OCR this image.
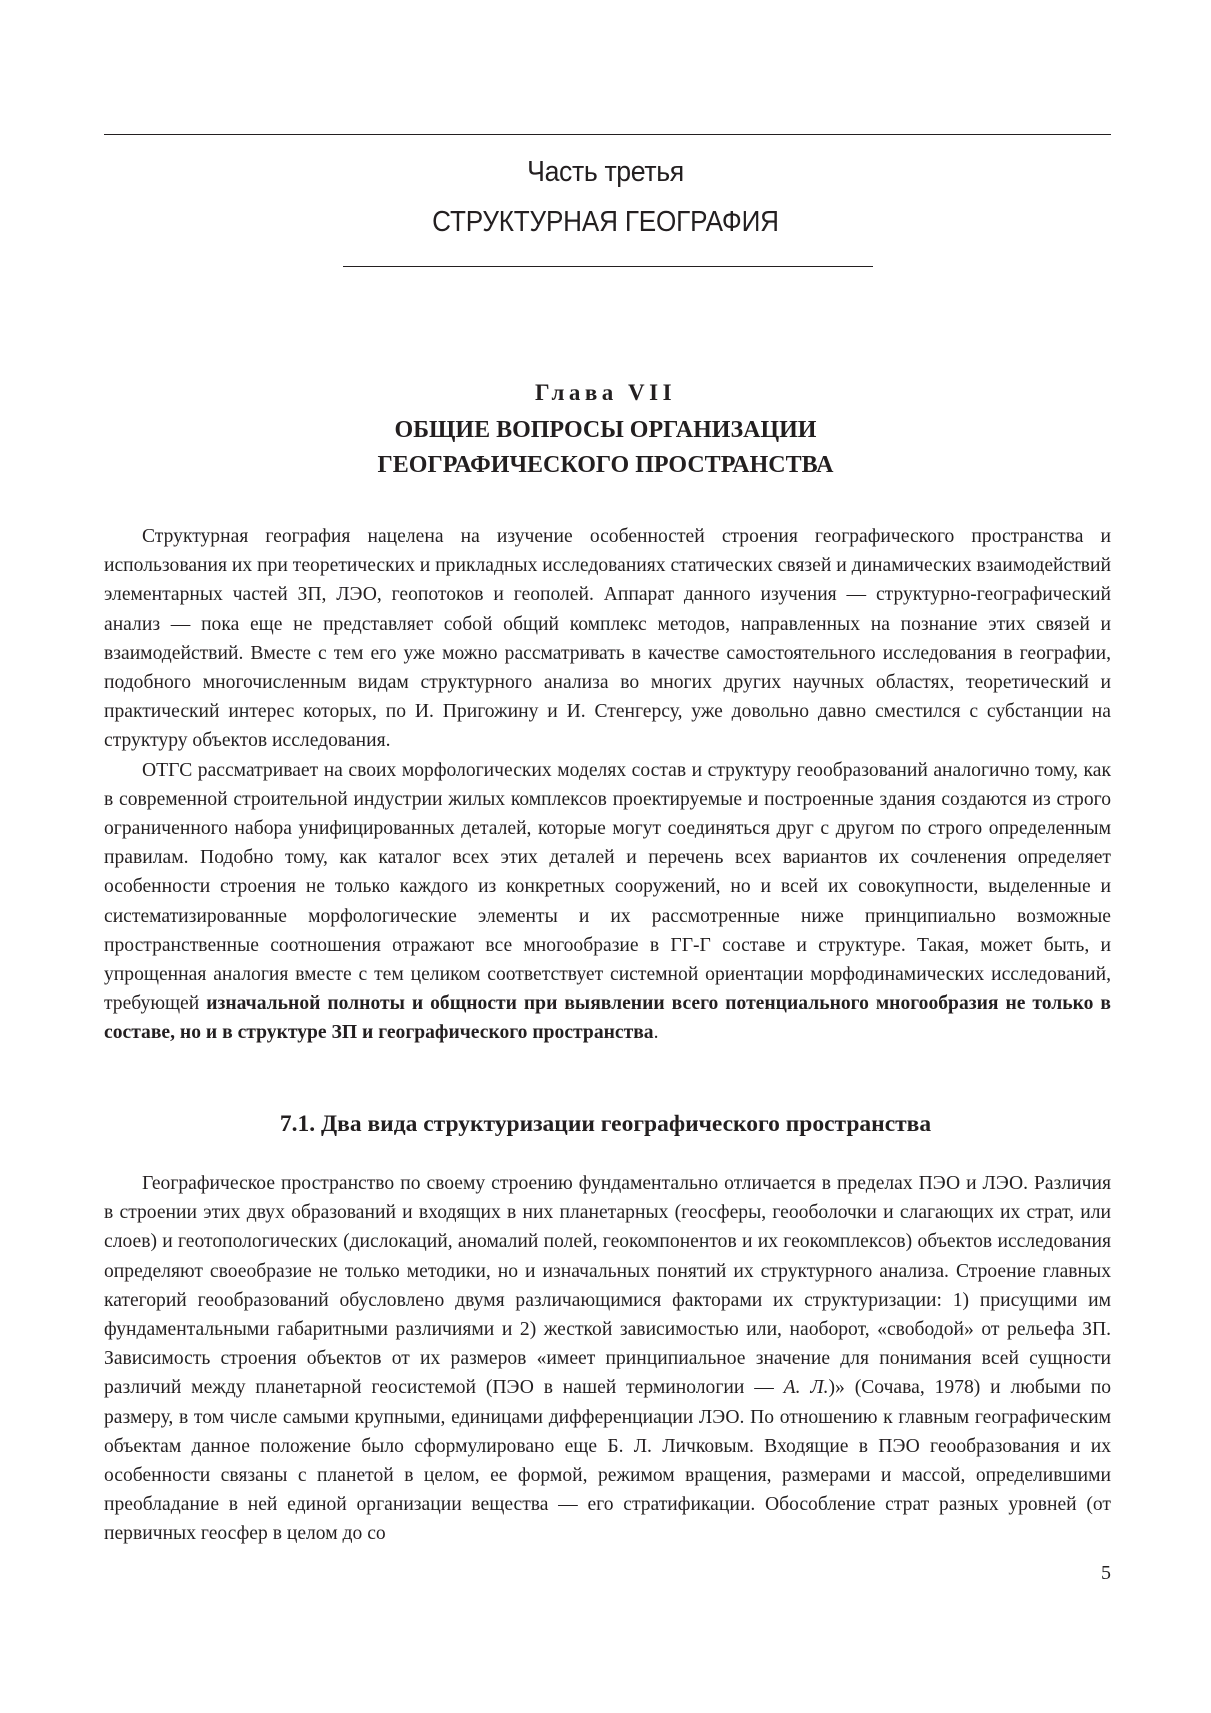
Часть третья
СТРУКТУРНАЯ ГЕОГРАФИЯ
Глава VII
ОБЩИЕ ВОПРОСЫ ОРГАНИЗАЦИИ
ГЕОГРАФИЧЕСКОГО ПРОСТРАНСТВА

Структурная география нацелена на изучение особенностей строения географического пространства и использования их при теоретических и прикладных исследованиях статических связей и динамических взаимодействий элементарных частей ЗП, ЛЭО, геопотоков и геополей. Аппарат данного изучения — структурно-географический анализ — пока еще не представляет собой общий комплекс методов, направленных на познание этих связей и взаимодействий. Вместе с тем его уже можно рассматривать в качестве самостоятельного исследования в географии, подобного многочисленным видам структурного анализа во многих других научных областях, теоретический и практический интерес которых, по И. Пригожину и И. Стенгерсу, уже довольно давно сместился с субстанции на структуру объектов исследования.

ОТГС рассматривает на своих морфологических моделях состав и структуру геообразований аналогично тому, как в современной строительной индустрии жилых комплексов проектируемые и построенные здания создаются из строго ограниченного набора унифицированных деталей, которые могут соединяться друг с другом по строго определенным правилам. Подобно тому, как каталог всех этих деталей и перечень всех вариантов их сочленения определяет особенности строения не только каждого из конкретных сооружений, но и всей их совокупности, выделенные и систематизированные морфологические элементы и их рассмотренные ниже принципиально возможные пространственные соотношения отражают все многообразие в ГГ-Г составе и структуре. Такая, может быть, и упрощенная аналогия вместе с тем целиком соответствует системной ориентации морфодинамических исследований, требующей изначальной полноты и общности при выявлении всего потенциального многообразия не только в составе, но и в структуре ЗП и географического пространства.

7.1. Два вида структуризации географического пространства

Географическое пространство по своему строению фундаментально отличается в пределах ПЭО и ЛЭО. Различия в строении этих двух образований и входящих в них планетарных (геосферы, геооболочки и слагающих их страт, или слоев) и геотопологических (дислокаций, аномалий полей, геокомпонентов и их геокомплексов) объектов исследования определяют своеобразие не только методики, но и изначальных понятий их структурного анализа. Строение главных категорий геообразований обусловлено двумя различающимися факторами их структуризации: 1) присущими им фундаментальными габаритными различиями и 2) жесткой зависимостью или, наоборот, «свободой» от рельефа ЗП. Зависимость строения объектов от их размеров «имеет принципиальное значение для понимания всей сущности различий между планетарной геосистемой (ПЭО в нашей терминологии — А. Л.)» (Сочава, 1978) и любыми по размеру, в том числе самыми крупными, единицами дифференциации ЛЭО. По отношению к главным географическим объектам данное положение было сформулировано еще Б. Л. Личковым. Входящие в ПЭО геообразования и их особенности связаны с планетой в целом, ее формой, режимом вращения, размерами и массой, определившими преобладание в ней единой организации вещества — его стратификации. Обособление страт разных уровней (от первичных геосфер в целом до со

5
